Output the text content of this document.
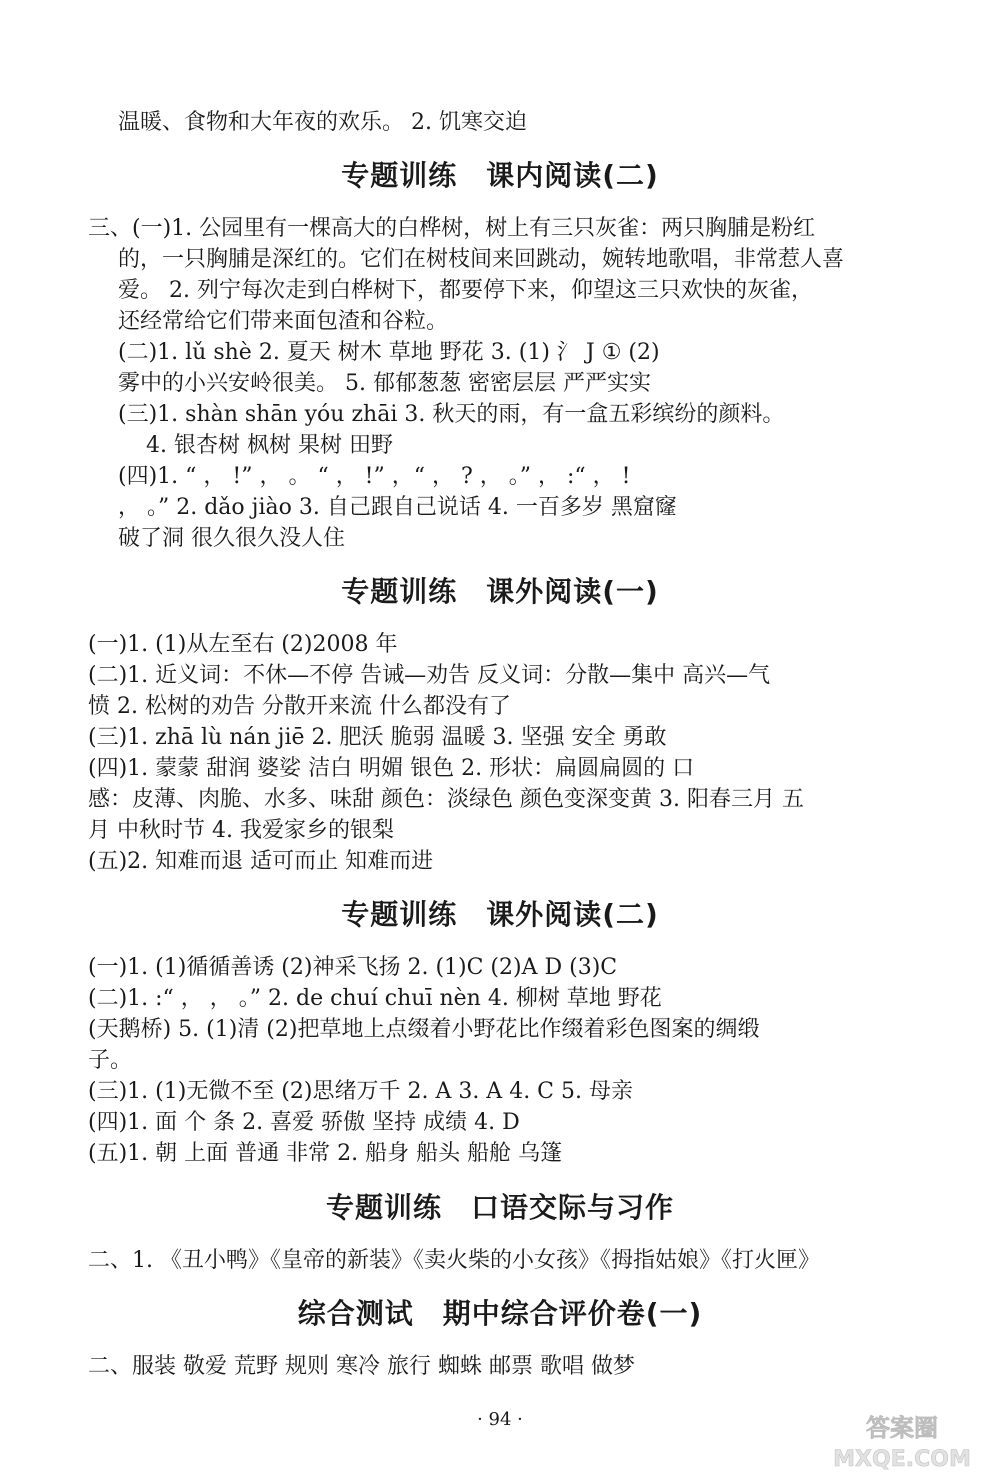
温暖、食物和大年夜的欢乐。 2. 饥寒交迫
专题训练　课内阅读(二)
三、(一)1. 公园里有一棵高大的白桦树，树上有三只灰雀：两只胸脯是粉红
的，一只胸脯是深红的。它们在树枝间来回跳动，婉转地歌唱，非常惹人喜
爱。 2. 列宁每次走到白桦树下，都要停下来，仰望这三只欢快的灰雀，
还经常给它们带来面包渣和谷粒。
(二)1. lǔ shè 2. 夏天 树木 草地 野花 3. (1) 氵 J ① (2)
雾中的小兴安岭很美。 5. 郁郁葱葱 密密层层 严严实实
(三)1. shàn shān yóu zhāi 3. 秋天的雨，有一盒五彩缤纷的颜料。
4. 银杏树 枫树 果树 田野
(四)1. “ ， !” ， 。 “ ， !” ，“ ， ? ， 。” ， :“ ， !
， 。” 2. dǎo jiào 3. 自己跟自己说话 4. 一百多岁 黑窟窿
破了洞 很久很久没人住
专题训练　课外阅读(一)
(一)1. (1)从左至右 (2)2008 年
(二)1. 近义词：不休—不停 告诫—劝告 反义词：分散—集中 高兴—气
愤 2. 松树的劝告 分散开来流 什么都没有了
(三)1. zhā lù nán jiē 2. 肥沃 脆弱 温暖 3. 坚强 安全 勇敢
(四)1. 蒙蒙 甜润 婆娑 洁白 明媚 银色 2. 形状：扁圆扁圆的 口
感：皮薄、肉脆、水多、味甜 颜色：淡绿色 颜色变深变黄 3. 阳春三月 五
月 中秋时节 4. 我爱家乡的银梨
(五)2. 知难而退 适可而止 知难而进
专题训练　课外阅读(二)
(一)1. (1)循循善诱 (2)神采飞扬 2. (1)C (2)A D (3)C
(二)1. :“ ， ， 。” 2. de chuí chuī nèn 4. 柳树 草地 野花
(天鹅桥) 5. (1)清 (2)把草地上点缀着小野花比作缀着彩色图案的绸缎
子。
(三)1. (1)无微不至 (2)思绪万千 2. A 3. A 4. C 5. 母亲
(四)1. 面 个 条 2. 喜爱 骄傲 坚持 成绩 4. D
(五)1. 朝 上面 普通 非常 2. 船身 船头 船舱 乌篷
专题训练　口语交际与习作
二、1. 《丑小鸭》《皇帝的新装》《卖火柴的小女孩》《拇指姑娘》《打火匣》
综合测试　期中综合评价卷(一)
二、服装 敬爱 荒野 规则 寒冷 旅行 蜘蛛 邮票 歌唱 做梦
· 94 ·	答案圈
MXQE.COM
